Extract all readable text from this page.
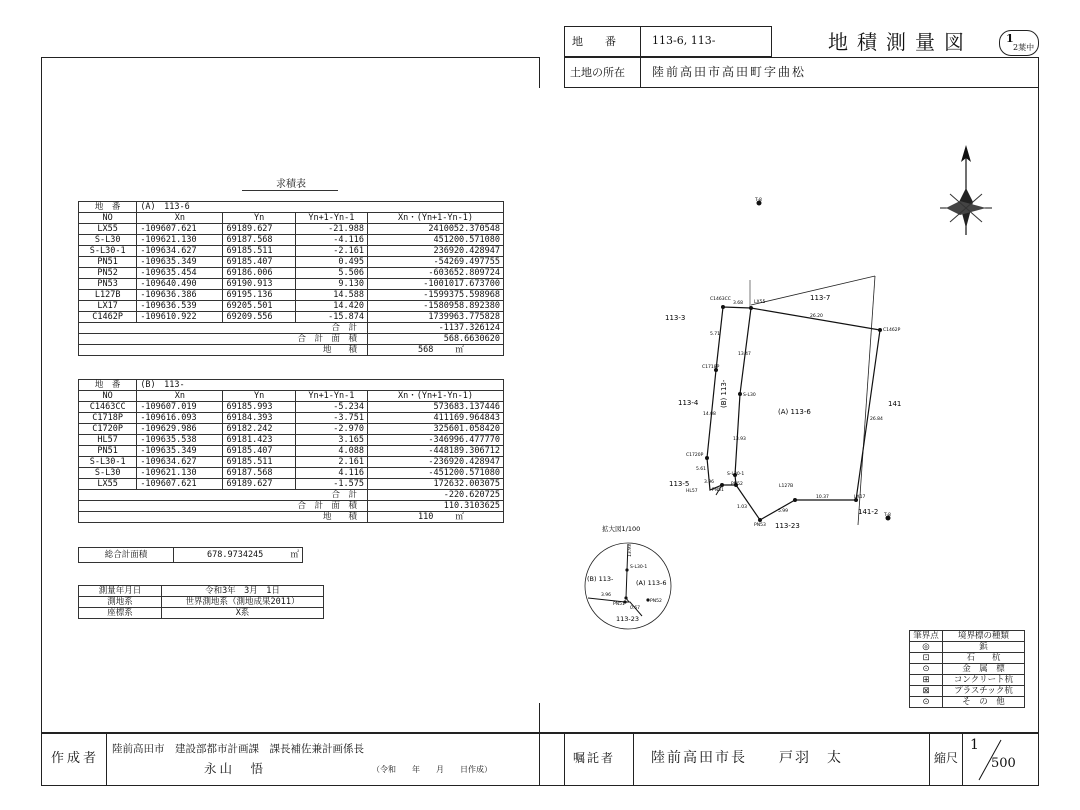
地　　番	113-6, 113-	地積測量図	1
2葉中
土地の所在 陸前高田市高田町字曲松
求積表
地　番	(A)　113-6			
NO	Xn	Yn	Yn+1-Yn-1	Xn・(Yn+1-Yn-1)
LX55	-109607.621	69189.627	-21.988	2410052.370548
S-L30	-109621.130	69187.568	-4.116	451200.571080
S-L30-1	-109634.627	69185.511	-2.161	236920.428947
PN51	-109635.349	69185.407	0.495	-54269.497755
PN52	-109635.454	69186.006	5.506	-603652.809724
PN53	-109640.490	69190.913	9.130	-1001017.673700
L127B	-109636.386	69195.136	14.588	-1599375.598968
LX17	-109636.539	69205.501	14.420	-1580958.892380
C1462P	-109610.922	69209.556	-15.874	1739963.775828
合　計				-1137.326124
合　計　面　積				568.6630620
地　　積				568 ㎡
地　番	(B)　113-			
NO	Xn	Yn	Yn+1-Yn-1	Xn・(Yn+1-Yn-1)
C1463CC	-109607.019	69185.993	-5.234	573683.137446
C1718P	-109616.093	69184.393	-3.751	411169.964843
C1720P	-109629.986	69182.242	-2.970	325601.058420
HL57	-109635.538	69181.423	3.165	-346996.477770
PN51	-109635.349	69185.407	4.088	-448189.306712
S-L30-1	-109634.627	69185.511	2.161	-236920.428947
S-L30	-109621.130	69187.568	4.116	-451200.571080
LX55	-109607.621	69189.627	-1.575	172632.003075
合　計				-220.620725
合　計　面　積				110.3103625
地　　積				110 ㎡
総合計面積	678.9734245	㎡
測量年月日	令和3年　3月　1日
測地系	世界測地系（測地成果2011）
座標系	X系
113-7
113-3
113-4
113-5
141
141-2
113-23
(A) 113-6
(B) 113-
LX55
C1463CC
C1462P
C1718P
S-L30
C1720P
S-L30-1
PN52
PN51
HL57
L127B
LX17
PN53
T-8
T-8
3.68
26.20
5.71
13.47
14.08
13.93
5.61
3.96
26.84
1.03
5.99
10.37
拡大図1/100
(B) 113-	(A) 113-6
113-23
S-L30-1
PN51
PN52
3.96
0.67
13.93
筆界点	境界標の種類
◎	鋲
⊡	石　　杭
⊙	金　属　標
⊞	コンクリート杭
⊠	プラスチック杭
⊙	そ　の　他
作成者
陸前高田市　建設部都市計画課　課長補佐兼計画係長
永山　悟	（令和　　年　　月　　日作成）
嘱託者	陸前高田市長　　戸羽　太	縮尺
1
500
